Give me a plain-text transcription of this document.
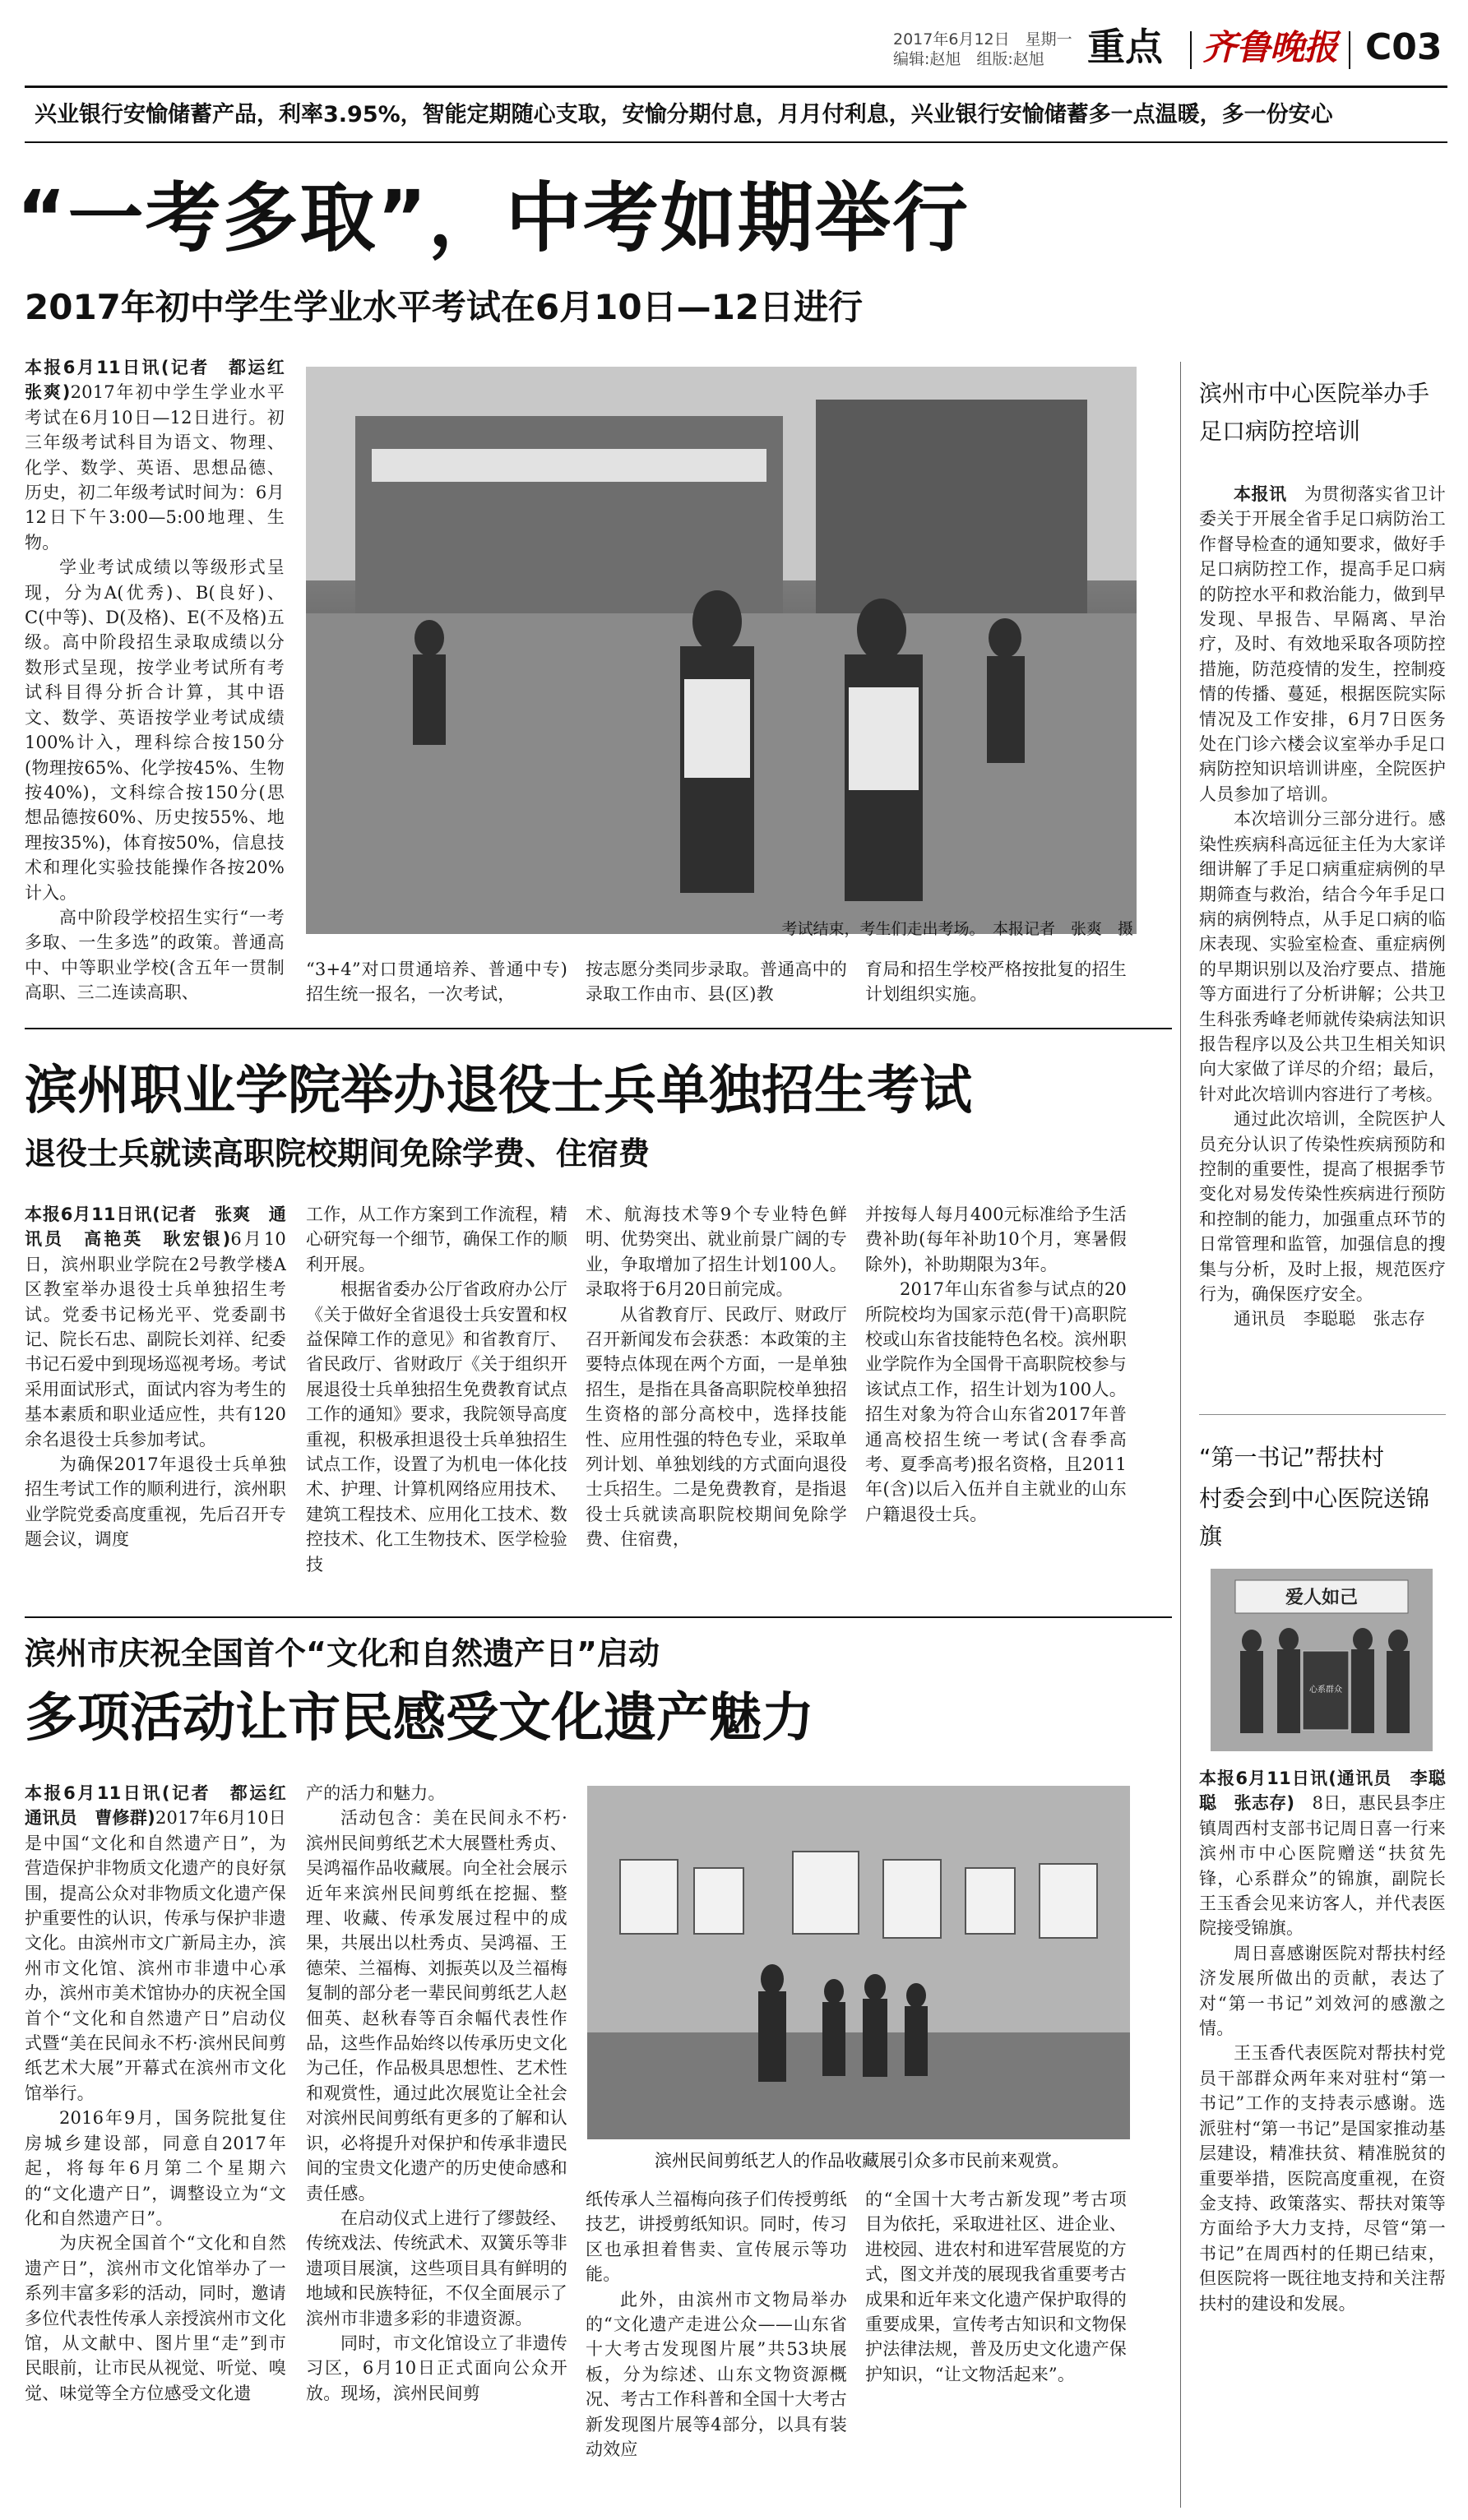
2017年6月12日　星期一
编辑:赵旭　组版:赵旭	重点 齐鲁晚报 C03
兴业银行安愉储蓄产品，利率3.95%，智能定期随心支取，安愉分期付息，月月付利息，兴业银行安愉储蓄多一点温暖，多一份安心
“一考多取”，中考如期举行
2017年初中学生学业水平考试在6月10日—12日进行

本报6月11日讯(记者　都运红　张爽)2017年初中学生学业水平考试在6月10日—12日进行。初三年级考试科目为语文、物理、化学、数学、英语、思想品德、历史，初二年级考试时间为：6月12日下午3:00—5:00地理、生物。

学业考试成绩以等级形式呈现，分为A(优秀)、B(良好)、C(中等)、D(及格)、E(不及格)五级。高中阶段招生录取成绩以分数形式呈现，按学业考试所有考试科目得分折合计算，其中语文、数学、英语按学业考试成绩100%计入，理科综合按150分(物理按65%、化学按45%、生物按40%)，文科综合按150分(思想品德按60%、历史按55%、地理按35%)，体育按50%，信息技术和理化实验技能操作各按20%计入。

高中阶段学校招生实行“一考多取、一生多选”的政策。普通高中、中等职业学校(含五年一贯制高职、三二连读高职、

考试结束，考生们走出考场。　本报记者　张爽　摄

“3+4”对口贯通培养、普通中专)招生统一报名，一次考试，

按志愿分类同步录取。普通高中的录取工作由市、县(区)教

育局和招生学校严格按批复的招生计划组织实施。

滨州职业学院举办退役士兵单独招生考试
退役士兵就读高职院校期间免除学费、住宿费

本报6月11日讯(记者　张爽　通讯员　高艳英　耿宏银)6月10日，滨州职业学院在2号教学楼A区教室举办退役士兵单独招生考试。党委书记杨光平、党委副书记、院长石忠、副院长刘祥、纪委书记石爱中到现场巡视考场。考试采用面试形式，面试内容为考生的基本素质和职业适应性，共有120余名退役士兵参加考试。

为确保2017年退役士兵单独招生考试工作的顺利进行，滨州职业学院党委高度重视，先后召开专题会议，调度

工作，从工作方案到工作流程，精心研究每一个细节，确保工作的顺利开展。

根据省委办公厅省政府办公厅《关于做好全省退役士兵安置和权益保障工作的意见》和省教育厅、省民政厅、省财政厅《关于组织开展退役士兵单独招生免费教育试点工作的通知》要求，我院领导高度重视，积极承担退役士兵单独招生试点工作，设置了为机电一体化技术、护理、计算机网络应用技术、建筑工程技术、应用化工技术、数控技术、化工生物技术、医学检验技

术、航海技术等9个专业特色鲜明、优势突出、就业前景广阔的专业，争取增加了招生计划100人。录取将于6月20日前完成。

从省教育厅、民政厅、财政厅召开新闻发布会获悉：本政策的主要特点体现在两个方面，一是单独招生，是指在具备高职院校单独招生资格的部分高校中，选择技能性、应用性强的特色专业，采取单列计划、单独划线的方式面向退役士兵招生。二是免费教育，是指退役士兵就读高职院校期间免除学费、住宿费，

并按每人每月400元标准给予生活费补助(每年补助10个月，寒暑假除外)，补助期限为3年。

2017年山东省参与试点的20所院校均为国家示范(骨干)高职院校或山东省技能特色名校。滨州职业学院作为全国骨干高职院校参与该试点工作，招生计划为100人。招生对象为符合山东省2017年普通高校招生统一考试(含春季高考、夏季高考)报名资格，且2011年(含)以后入伍并自主就业的山东户籍退役士兵。

滨州市庆祝全国首个“文化和自然遗产日”启动
多项活动让市民感受文化遗产魅力

本报6月11日讯(记者　都运红　通讯员　曹修群)2017年6月10日是中国“文化和自然遗产日”，为营造保护非物质文化遗产的良好氛围，提高公众对非物质文化遗产保护重要性的认识，传承与保护非遗文化。由滨州市文广新局主办，滨州市文化馆、滨州市非遗中心承办，滨州市美术馆协办的庆祝全国首个“文化和自然遗产日”启动仪式暨“美在民间永不朽·滨州民间剪纸艺术大展”开幕式在滨州市文化馆举行。

2016年9月，国务院批复住房城乡建设部，同意自2017年起，将每年6月第二个星期六的“文化遗产日”，调整设立为“文化和自然遗产日”。

为庆祝全国首个“文化和自然遗产日”，滨州市文化馆举办了一系列丰富多彩的活动，同时，邀请多位代表性传承人亲授滨州市文化馆，从文献中、图片里“走”到市民眼前，让市民从视觉、听觉、嗅觉、味觉等全方位感受文化遗

产的活力和魅力。

活动包含：美在民间永不朽·滨州民间剪纸艺术大展暨杜秀贞、吴鸿福作品收藏展。向全社会展示近年来滨州民间剪纸在挖掘、整理、收藏、传承发展过程中的成果，共展出以杜秀贞、吴鸿福、王德荣、兰福梅、刘振英以及兰福梅复制的部分老一辈民间剪纸艺人赵佃英、赵秋春等百余幅代表性作品，这些作品始终以传承历史文化为己任，作品极具思想性、艺术性和观赏性，通过此次展览让全社会对滨州民间剪纸有更多的了解和认识，必将提升对保护和传承非遗民间的宝贵文化遗产的历史使命感和责任感。

在启动仪式上进行了缪鼓经、传统戏法、传统武术、双簧乐等非遗项目展演，这些项目具有鲜明的地域和民族特征，不仅全面展示了滨州市非遗多彩的非遗资源。

同时，市文化馆设立了非遗传习区，6月10日正式面向公众开放。现场，滨州民间剪

滨州民间剪纸艺人的作品收藏展引众多市民前来观赏。

纸传承人兰福梅向孩子们传授剪纸技艺，讲授剪纸知识。同时，传习区也承担着售卖、宣传展示等功能。

此外，由滨州市文物局举办的“文化遗产走进公众——山东省十大考古发现图片展”共53块展板，分为综述、山东文物资源概况、考古工作科普和全国十大考古新发现图片展等4部分，以具有装动效应

的“全国十大考古新发现”考古项目为依托，采取进社区、进企业、进校园、进农村和进军营展览的方式，图文并茂的展现我省重要考古成果和近年来文化遗产保护取得的重要成果，宣传考古知识和文物保护法律法规，普及历史文化遗产保护知识，“让文物活起来”。

滨州市中心医院举办手足口病防控培训

本报讯　 为贯彻落实省卫计委关于开展全省手足口病防治工作督导检查的通知要求，做好手足口病防控工作，提高手足口病的防控水平和救治能力，做到早发现、早报告、早隔离、早治疗，及时、有效地采取各项防控措施，防范疫情的发生，控制疫情的传播、蔓延，根据医院实际情况及工作安排，6月7日医务处在门诊六楼会议室举办手足口病防控知识培训讲座，全院医护人员参加了培训。

本次培训分三部分进行。感染性疾病科高远征主任为大家详细讲解了手足口病重症病例的早期筛查与救治，结合今年手足口病的病例特点，从手足口病的临床表现、实验室检查、重症病例的早期识别以及治疗要点、措施等方面进行了分析讲解；公共卫生科张秀峰老师就传染病法知识报告程序以及公共卫生相关知识向大家做了详尽的介绍；最后，针对此次培训内容进行了考核。

通过此次培训，全院医护人员充分认识了传染性疾病预防和控制的重要性，提高了根据季节变化对易发传染性疾病进行预防和控制的能力，加强重点环节的日常管理和监管，加强信息的搜集与分析，及时上报，规范医疗行为，确保医疗安全。

通讯员　李聪聪　张志存

“第一书记”帮扶村
村委会到中心医院送锦旗
爱人如己
心系群众

本报6月11日讯(通讯员　李聪聪　张志存)　 8日，惠民县李庄镇周西村支部书记周日喜一行来滨州市中心医院赠送“扶贫先锋，心系群众”的锦旗，副院长王玉香会见来访客人，并代表医院接受锦旗。

周日喜感谢医院对帮扶村经济发展所做出的贡献，表达了对“第一书记”刘效河的感激之情。

王玉香代表医院对帮扶村党员干部群众两年来对驻村“第一书记”工作的支持表示感谢。选派驻村“第一书记”是国家推动基层建设，精准扶贫、精准脱贫的重要举措，医院高度重视，在资金支持、政策落实、帮扶对策等方面给予大力支持，尽管“第一书记”在周西村的任期已结束，但医院将一既往地支持和关注帮扶村的建设和发展。
